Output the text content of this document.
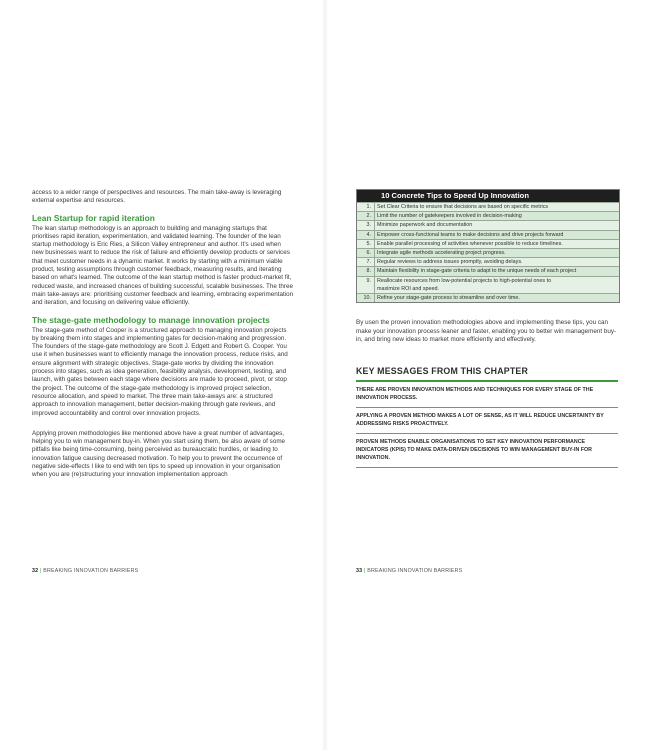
access to a wider range of perspectives and resources. The main take-away is leveraging external expertise and resources.

Lean Startup for rapid iteration

The lean startup methodology is an approach to building and managing startups that prioritises rapid iteration, experimentation, and validated learning. The founder of the lean startup methodology is Eric Ries, a Silicon Valley entrepreneur and author. It's used when new businesses want to reduce the risk of failure and efficiently develop products or services that meet customer needs in a dynamic market. It works by starting with a minimum viable product, testing assumptions through customer feedback, measuring results, and iterating based on what's learned. The outcome of the lean startup method is faster product-market fit, reduced waste, and increased chances of building successful, scalable businesses. The three main take-aways are: prioritising customer feedback and learning, embracing experimentation and iteration, and focusing on delivering value efficiently.

The stage-gate methodology to manage innovation projects

The stage-gate method of Cooper is a structured approach to managing innovation projects by breaking them into stages and implementing gates for decision-making and progression. The founders of the stage-gate methodology are Scott J. Edgett and Robert G. Cooper. You use it when businesses want to efficiently manage the innovation process, reduce risks, and ensure alignment with strategic objectives. Stage-gate works by dividing the innovation process into stages, such as idea generation, feasibility analysis, development, testing, and launch, with gates between each stage where decisions are made to proceed, pivot, or stop the project. The outcome of the stage-gate methodology is improved project selection, resource allocation, and speed to market. The three main take-aways are: a structured approach to innovation management, better decision-making through gate reviews, and improved accountability and control over innovation projects.

Applying proven methodologies like mentioned above have a great number of advantages, helping you to win management buy-in. When you start using them, be also aware of some pitfalls like being time-consuming, being perceived as bureaucratic hurdles, or leading to innovation fatigue causing decreased motivation. To help you to prevent the occurrence of negative side-effects I like to end with ten tips to speed up innovation in your organisation when you are (re)structuring your innovation implementation approach

32 | BREAKING INNOVATION BARRIERS
10 Concrete Tips to Speed Up Innovation
1.	Set Clear Criteria to ensure that decisions are based on specific metrics
2.	Limit the number of gatekeepers involved in decision-making
3.	Minimize paperwork and documentation
4.	Empower cross-functional teams to make decisions and drive projects forward
5.	Enable parallel processing of activities whenever possible to reduce timelines.
6.	Integrate agile methods accelerating project progress.
7.	Regular reviews to address issues promptly, avoiding delays.
8.	Maintain flexibility in stage-gate criteria to adapt to the unique needs of each project
9.	Reallocate resources from low-potential projects to high-potential ones to
	maximize ROI and speed.
10.	Refine your stage-gate process to streamline and over time.
By usen the proven innovation methodologies above and implementing these tips, you can make your innovation process leaner and faster, enabling you to better win management buy-in, and bring new ideas to market more efficiently and effectively.
KEY MESSAGES FROM THIS CHAPTER
THERE ARE PROVEN INNOVATION METHODS AND TECHNIQUES FOR EVERY STAGE OF THE INNOVATION PROCESS.
APPLYING A PROVEN METHOD MAKES A LOT OF SENSE, AS IT WILL REDUCE UNCERTAINTY BY ADDRESSING RISKS PROACTIVELY.
PROVEN METHODS ENABLE ORGANISATIONS TO SET KEY INNOVATION PERFORMANCE INDICATORS (KPIS) TO MAKE DATA-DRIVEN DECISIONS TO WIN MANAGEMENT BUY-IN FOR INNOVATION.
33 | BREAKING INNOVATION BARRIERS
